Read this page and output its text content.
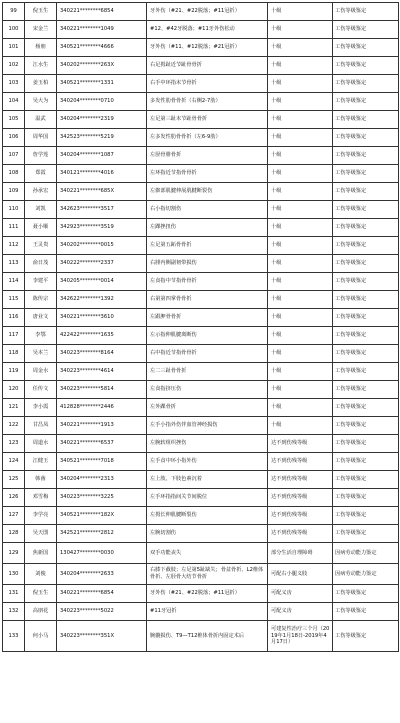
99	倪玉生	340221********6854	牙外伤（#21、#22脱落；#11冠折）	十级	工伤等级鉴定
100	宋金兰	340221********1049	#12、#42牙脱落；#11牙外伤松动	十级	工伤等级鉴定
101	杨朋	340521********4666	牙外伤（#11、#12脱落；#21冠折）	十级	工伤等级鉴定
102	江水生	340202********263X	右足拇趾近节趾骨骨折	十级	工伤等级鉴定
103	姜玉柏	340521********1331	右手中环指末节骨折	十级	工伤等级鉴定
104	吴大为	340204********0710	多发性肋骨骨折（右侧2-7肋）	十级	工伤等级鉴定
105	温武	340204********2319	左足第三趾末节趾骨骨折	十级	工伤等级鉴定
106	周华国	342523********5219	左多发性肋骨骨折（左6-9肋）	十级	工伤等级鉴定
107	詹学莲	340204********1087	左胫骨腓骨折	十级	工伤等级鉴定
108	郑霞	340121********4016	左环指近节指骨骨折	十级	工伤等级鉴定
109	孙承宏	340221********685X	左髌部肌腱伸展肌腱断裂伤	十级	工伤等级鉴定
110	刘凯	342623********3517	右小指切割伤	十级	工伤等级鉴定
111	聂小顺	342923********3519	左踝挫扭伤	十级	工伤等级鉴定
112	王灵贵	340202********0015	左足第五跖骨骨折	十级	工伤等级鉴定
113	俞日茂	340222********2337	右腓内侧副韧带损伤	十级	工伤等级鉴定
114	李建平	340205********0014	左食指中节指骨骨折	十级	工伤等级鉴定
115	陈传宗	342622********1392	右第第四掌骨骨折	十级	工伤等级鉴定
116	唐业文	340221********3610	左跟胛骨骨折	十级	工伤等级鉴定
117	李鄂	422422********1635	左示指伸肌腱离断伤	十级	工伤等级鉴定
118	吴本兰	340223********8164	右中指近节指骨骨折	十级	工伤等级鉴定
119	周金水	340223********4614	左二三趾骨骨折	十级	工伤等级鉴定
120	任传文	340223********5814	左食指挤压伤	十级	工伤等级鉴定
121	李小霞	412828********2446	左外踝骨折	十级	工伤等级鉴定
122	甘昌凤	340221********1913	左手小指外伤伴血管神经损伤	十级	工伤等级鉴定
123	周道水	340221********6537	左腕软组织挫伤	达不到伤残等级	工伤等级鉴定
124	江健玉	340521********7018	左手食中环小指外伤	达不到伤残等级	工伤等级鉴定
125	韩菌	340204********2313	左上肢、下肢色素沉着	达不到伤残等级	工伤等级鉴定
126	邓雪梅	340223********3225	左手环指指间关节间脱位	达不到伤残等级	工伤等级鉴定
127	李学亮	340521********182X	左拇长伸肌腱断裂伤	达不到伤残等级	工伤等级鉴定
128	吴天图	342521********2812	左腕切割伤	达不到伤残等级	工伤等级鉴定
129	焦新国	130427********0030	双手功能丧失	部分生活自理障碍	因病劳动能力鉴定
130	刘俊	340204********2633	右膝下截肢；左足第5趾缺失；骨盆骨折、L2椎体骨折、左胫骨大结节骨折	可配右小腿义肢	因病劳动能力鉴定
131	倪玉生	340221********6854	牙外伤（#21、#22脱落；#11冠折）	可配义齿	工伤等级鉴定
132	高朋花	340223********5022	#11牙冠折	可配义齿	工伤等级鉴定
133	何小马	340223********351X	腕髓损伤、T9—T12椎体骨折内固定术后	可建复性治疗三个月（2019年1月18日-2019年4月17日）	工伤等级鉴定
